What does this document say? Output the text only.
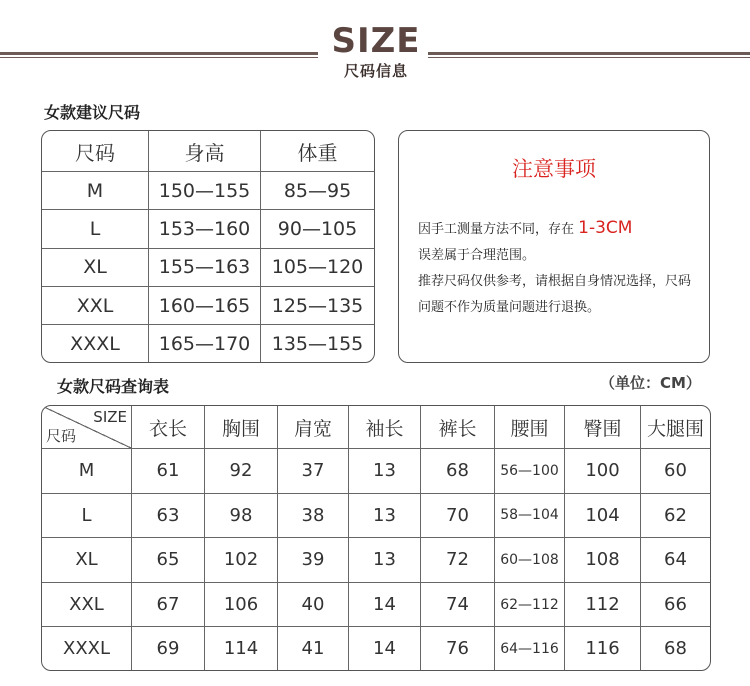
SIZE
尺码信息
女款建议尺码
尺码	身高	体重
M	150—155	85—95
L	153—160	90—105
XL	155—163	105—120
XXL	160—165	125—135
XXXL	165—170	135—155
注意事项

因手工测量方法不同，存在 1-3CM
误差属于合理范围。

推荐尺码仅供参考，请根据自身情况选择，尺码问题不作为质量问题进行退换。

女款尺码查询表	（单位：CM）
SIZE
尺码	衣长	胸围	肩宽	袖长	裤长	腰围	臀围	大腿围
M	61	92	37	13	68	56—100	100	60
L	63	98	38	13	70	58—104	104	62
XL	65	102	39	13	72	60—108	108	64
XXL	67	106	40	14	74	62—112	112	66
XXXL	69	114	41	14	76	64—116	116	68
